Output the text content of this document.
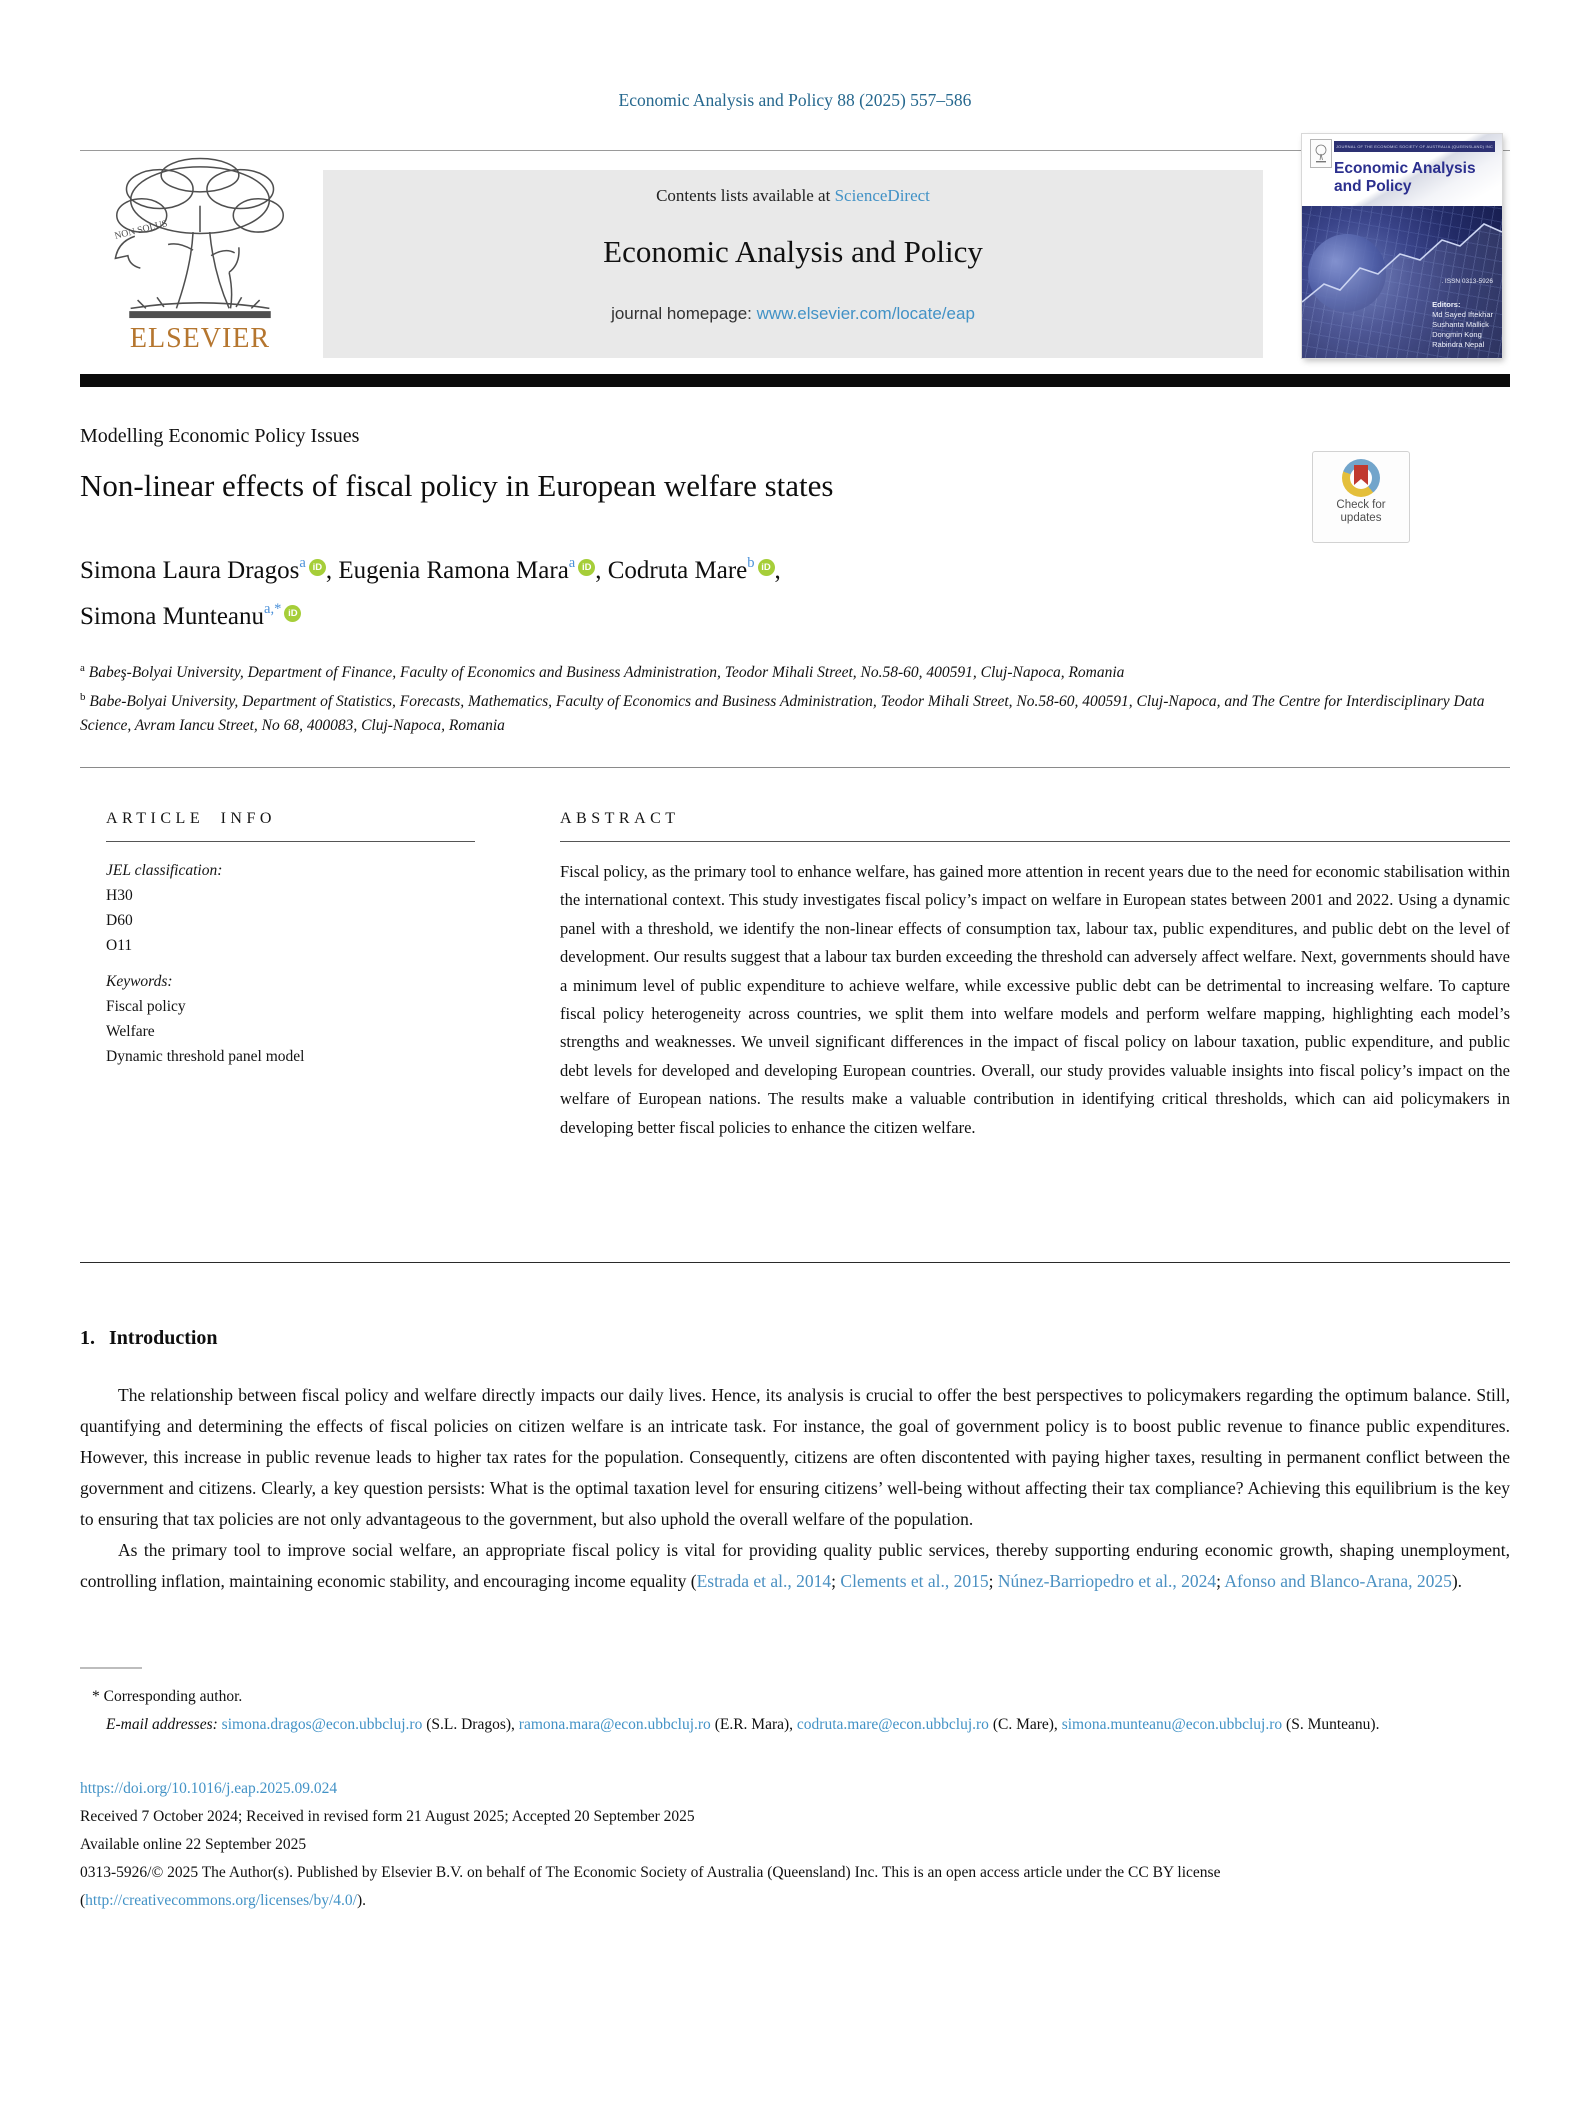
Economic Analysis and Policy 88 (2025) 557–586
NON SOLUS
ELSEVIER
Contents lists available at ScienceDirect
Economic Analysis and Policy
journal homepage: www.elsevier.com/locate/eap
JOURNAL OF THE ECONOMIC SOCIETY OF AUSTRALIA (QUEENSLAND) INC
Economic Analysis
and Policy
. ISSN 0313-5926
Editors:
Md Sayed Iftekhar
Sushanta Mallick
Dongmin Kong
Rabindra Nepal
Modelling Economic Policy Issues
Non-linear effects of fiscal policy in European welfare states
Check for
updates
Simona Laura Dragos$^a$ iD , Eugenia Ramona Mara$^a$ iD , Codruta Mare$^b$ iD ,
Simona Munteanu$^{a,*}$ iD
$^a$ Babeş-Bolyai University, Department of Finance, Faculty of Economics and Business Administration, Teodor Mihali Street, No.58-60, 400591, Cluj-Napoca, Romania
$^b$ Babe-Bolyai University, Department of Statistics, Forecasts, Mathematics, Faculty of Economics and Business Administration, Teodor Mihali Street, No.58-60, 400591, Cluj-Napoca, and The Centre for Interdisciplinary Data Science, Avram Iancu Street, No 68, 400083, Cluj-Napoca, Romania
ARTICLE INFO
JEL classification:
H30
D60
O11
Keywords:
Fiscal policy
Welfare
Dynamic threshold panel model
ABSTRACT
Fiscal policy, as the primary tool to enhance welfare, has gained more attention in recent years due to the need for economic stabilisation within the international context. This study investigates fiscal policy’s impact on welfare in European states between 2001 and 2022. Using a dynamic panel with a threshold, we identify the non-linear effects of consumption tax, labour tax, public expenditures, and public debt on the level of development. Our results suggest that a labour tax burden exceeding the threshold can adversely affect welfare. Next, governments should have a minimum level of public expenditure to achieve welfare, while excessive public debt can be detrimental to increasing welfare. To capture fiscal policy heterogeneity across countries, we split them into welfare models and perform welfare mapping, highlighting each model’s strengths and weaknesses. We unveil significant differences in the impact of fiscal policy on labour taxation, public expenditure, and public debt levels for developed and developing European countries. Overall, our study provides valuable insights into fiscal policy’s impact on the welfare of European nations. The results make a valuable contribution in identifying critical thresholds, which can aid policymakers in developing better fiscal policies to enhance the citizen welfare.
1. Introduction

The relationship between fiscal policy and welfare directly impacts our daily lives. Hence, its analysis is crucial to offer the best perspectives to policymakers regarding the optimum balance. Still, quantifying and determining the effects of fiscal policies on citizen welfare is an intricate task. For instance, the goal of government policy is to boost public revenue to finance public expenditures. However, this increase in public revenue leads to higher tax rates for the population. Consequently, citizens are often discontented with paying higher taxes, resulting in permanent conflict between the government and citizens. Clearly, a key question persists: What is the optimal taxation level for ensuring citizens’ well-being without affecting their tax compliance? Achieving this equilibrium is the key to ensuring that tax policies are not only advantageous to the government, but also uphold the overall welfare of the population.

As the primary tool to improve social welfare, an appropriate fiscal policy is vital for providing quality public services, thereby supporting enduring economic growth, shaping unemployment, controlling inflation, maintaining economic stability, and encouraging income equality (Estrada et al., 2014; Clements et al., 2015; Núnez-Barriopedro et al., 2024; Afonso and Blanco-Arana, 2025).

* Corresponding author.
E-mail addresses: simona.dragos@econ.ubbcluj.ro (S.L. Dragos), ramona.mara@econ.ubbcluj.ro (E.R. Mara), codruta.mare@econ.ubbcluj.ro (C. Mare), simona.munteanu@econ.ubbcluj.ro (S. Munteanu).
https://doi.org/10.1016/j.eap.2025.09.024
Received 7 October 2024; Received in revised form 21 August 2025; Accepted 20 September 2025
Available online 22 September 2025
0313-5926/© 2025 The Author(s). Published by Elsevier B.V. on behalf of The Economic Society of Australia (Queensland) Inc. This is an open access article under the CC BY license (http://creativecommons.org/licenses/by/4.0/).
